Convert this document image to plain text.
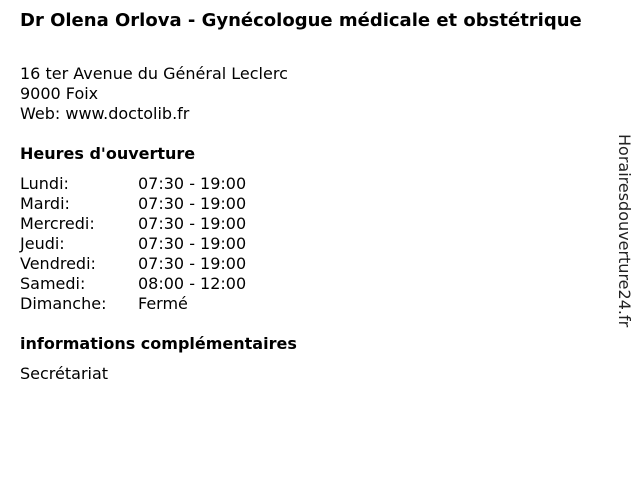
Dr Olena Orlova - Gynécologue médicale et obstétrique
16 ter Avenue du Général Leclerc
9000 Foix
Web: www.doctolib.fr
Heures d'ouverture
Lundi:	07:30 - 19:00
Mardi:	07:30 - 19:00
Mercredi:	07:30 - 19:00
Jeudi:	07:30 - 19:00
Vendredi:	07:30 - 19:00
Samedi:	08:00 - 12:00
Dimanche:	Fermé
informations complémentaires
Secrétariat
Horairesdouverture24.fr
